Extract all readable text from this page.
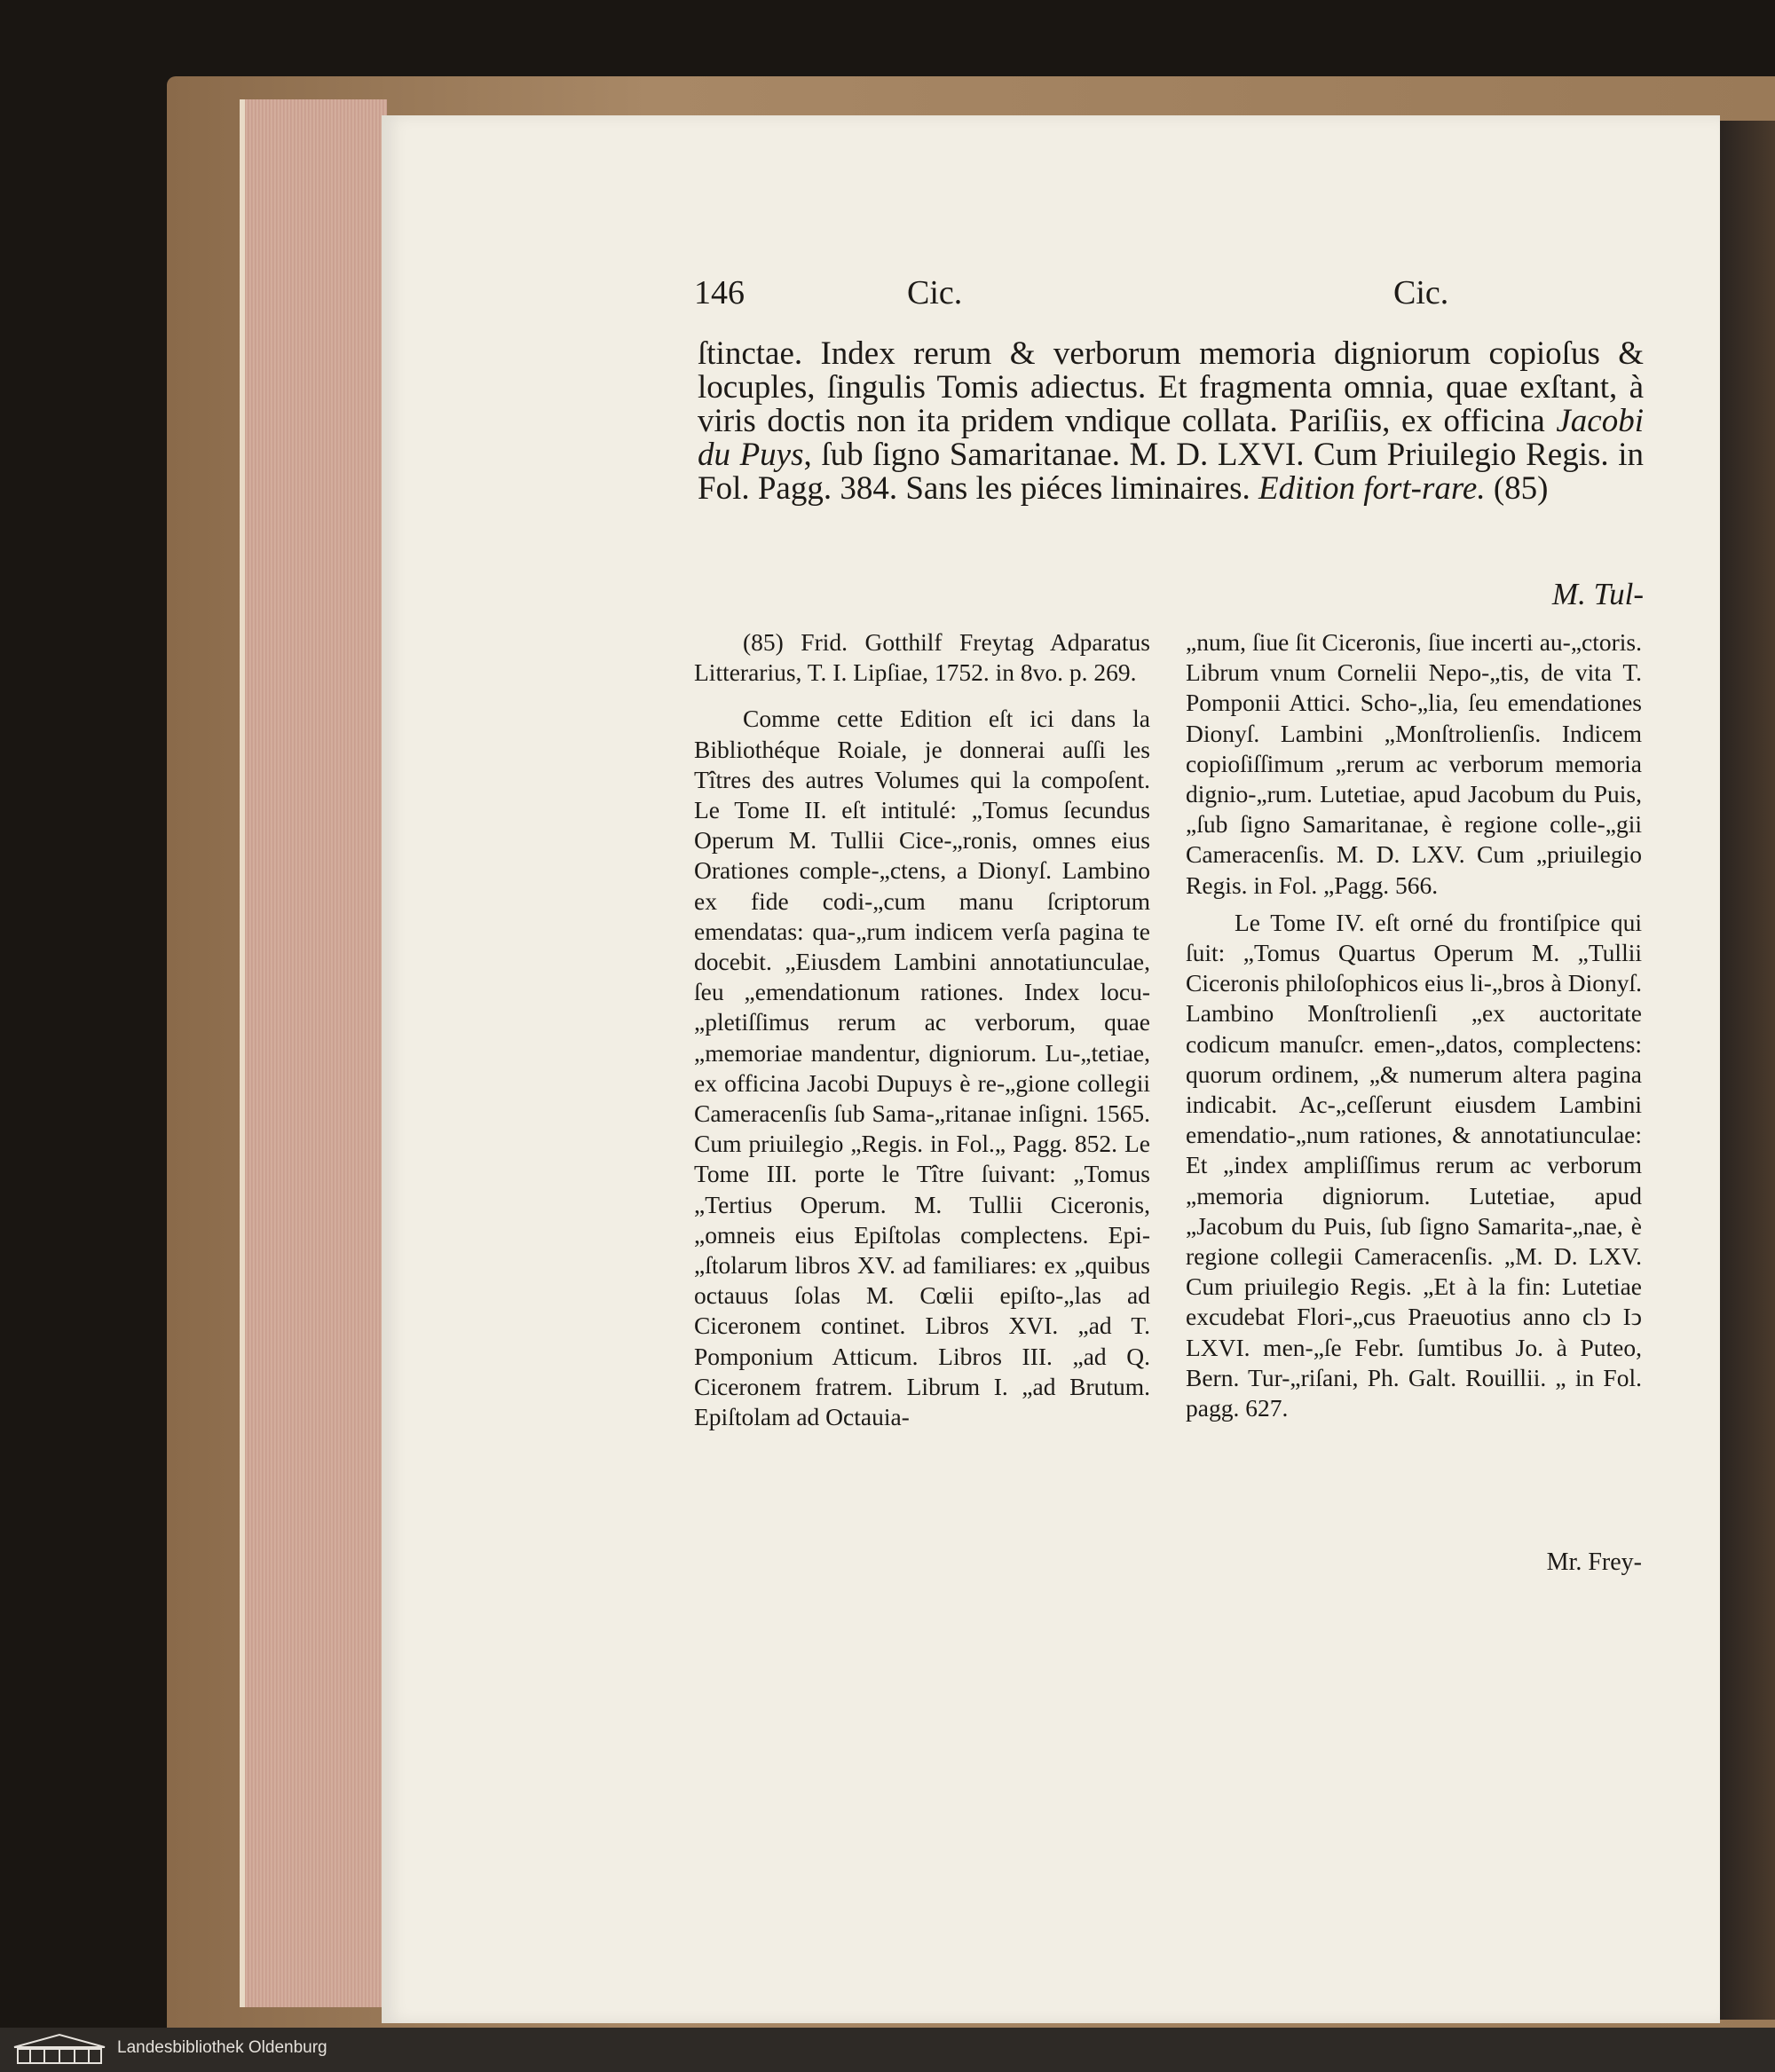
146	Cic.	Cic.
ſtinctae. Index rerum & verborum memoria digniorum copioſus & locuples, ſingulis Tomis adiectus. Et fragmenta omnia, quae exſtant, à viris doctis non ita pridem vndique collata. Pariſiis, ex officina Jacobi du Puys, ſub ſigno Samaritanae. M. D. LXVI. Cum Priuilegio Regis. in Fol. Pagg. 384. Sans les piéces liminaires. Edition fort-rare. (85)
M. Tul-

(85) Frid. Gotthilf Freytag Adparatus Litterarius, T. I. Lipſiae, 1752. in 8vo. p. 269.

Comme cette Edition eſt ici dans la Bibliothéque Roiale, je donnerai auſſi les Tîtres des autres Volumes qui la compoſent. Le Tome II. eſt intitulé: „Tomus ſecundus Operum M. Tullii Cice-„ronis, omnes eius Orationes comple-„ctens, a Dionyſ. Lambino ex fide codi-„cum manu ſcriptorum emendatas: qua-„rum indicem verſa pagina te docebit. „Eiusdem Lambini annotatiunculae, ſeu „emendationum rationes. Index locu-„pletiſſimus rerum ac verborum, quae „memoriae mandentur, digniorum. Lu-„tetiae, ex officina Jacobi Dupuys è re-„gione collegii Cameracenſis ſub Sama-„ritanae inſigni. 1565. Cum priuilegio „Regis. in Fol.„ Pagg. 852. Le Tome III. porte le Tître ſuivant: „Tomus „Tertius Operum. M. Tullii Ciceronis, „omneis eius Epiſtolas complectens. Epi-„ſtolarum libros XV. ad familiares: ex „quibus octauus ſolas M. Cœlii epiſto-„las ad Ciceronem continet. Libros XVI. „ad T. Pomponium Atticum. Libros III. „ad Q. Ciceronem fratrem. Librum I. „ad Brutum. Epiſtolam ad Octauia-

„num, ſiue ſit Ciceronis, ſiue incerti au-„ctoris. Librum vnum Cornelii Nepo-„tis, de vita T. Pomponii Attici. Scho-„lia, ſeu emendationes Dionyſ. Lambini „Monſtrolienſis. Indicem copioſiſſimum „rerum ac verborum memoria dignio-„rum. Lutetiae, apud Jacobum du Puis, „ſub ſigno Samaritanae, è regione colle-„gii Cameracenſis. M. D. LXV. Cum „priuilegio Regis. in Fol. „Pagg. 566.

Le Tome IV. eſt orné du frontiſpice qui ſuit: „Tomus Quartus Operum M. „Tullii Ciceronis philoſophicos eius li-„bros à Dionyſ. Lambino Monſtrolienſi „ex auctoritate codicum manuſcr. emen-„datos, complectens: quorum ordinem, „& numerum altera pagina indicabit. Ac-„ceſſerunt eiusdem Lambini emendatio-„num rationes, & annotatiunculae: Et „index ampliſſimus rerum ac verborum „memoria digniorum. Lutetiae, apud „Jacobum du Puis, ſub ſigno Samarita-„nae, è regione collegii Cameracenſis. „M. D. LXV. Cum priuilegio Regis. „Et à la fin: Lutetiae excudebat Flori-„cus Praeuotius anno clↄ Iↄ LXVI. men-„ſe Febr. ſumtibus Jo. à Puteo, Bern. Tur-„riſani, Ph. Galt. Rouillii. „ in Fol. pagg. 627.

Mr. Frey-
Landesbibliothek Oldenburg
